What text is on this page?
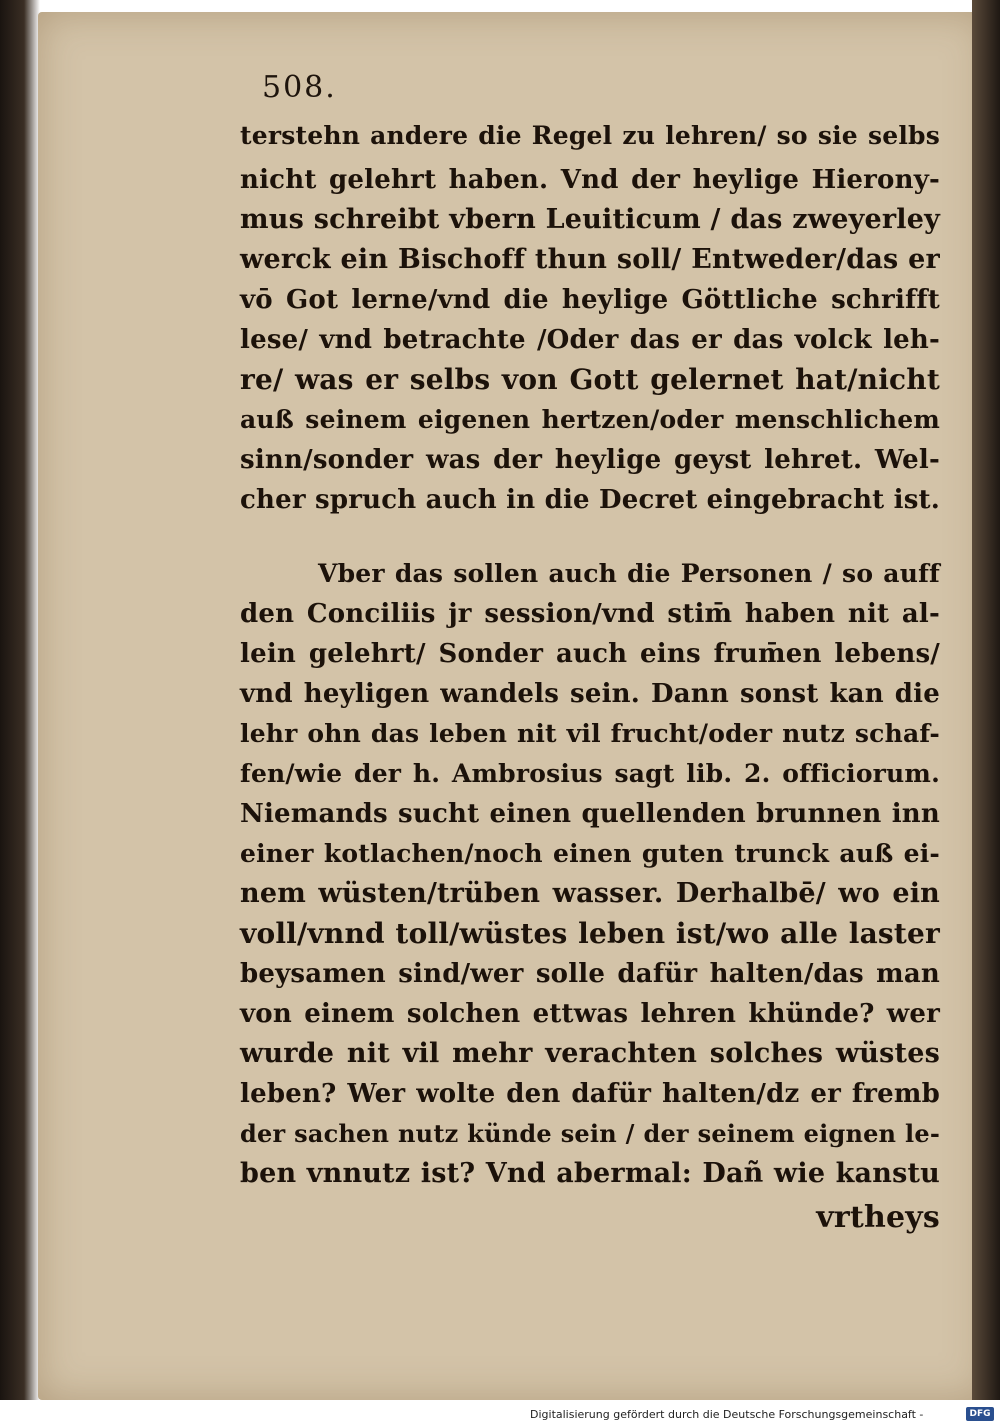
508.
terstehn andere die Regel zu lehren/ so sie selbs
nicht gelehrt haben. Vnd der heylige Hierony-
mus schreibt vbern Leuiticum / das zweyerley
werck ein Bischoff thun soll/ Entweder/das er
vō Got lerne/vnd die heylige Göttliche schrifft
lese/ vnd betrachte /Oder das er das volck leh-
re/ was er selbs von Gott gelernet hat/nicht
auß seinem eigenen hertzen/oder menschlichem
sinn/sonder was der heylige geyst lehret. Wel-
cher spruch auch in die Decret eingebracht ist.
Vber das sollen auch die Personen / so auff
den Conciliis jr session/vnd stim̄ haben nit al-
lein gelehrt/ Sonder auch eins frum̄en lebens/
vnd heyligen wandels sein. Dann sonst kan die
lehr ohn das leben nit vil frucht/oder nutz schaf-
fen/wie der h. Ambrosius sagt lib. 2. officiorum.
Niemands sucht einen quellenden brunnen inn
einer kotlachen/noch einen guten trunck auß ei-
nem wüsten/trüben wasser. Derhalbē/ wo ein
voll/vnnd toll/wüstes leben ist/wo alle laster
beysamen sind/wer solle dafür halten/das man
von einem solchen ettwas lehren khünde? wer
wurde nit vil mehr verachten solches wüstes
leben? Wer wolte den dafür halten/dz er fremb
der sachen nutz künde sein / der seinem eignen le-
ben vnnutz ist? Vnd abermal: Dañ wie kanstu
vrtheys
Digitalisierung gefördert durch die Deutsche Forschungsgemeinschaft -	DFG
